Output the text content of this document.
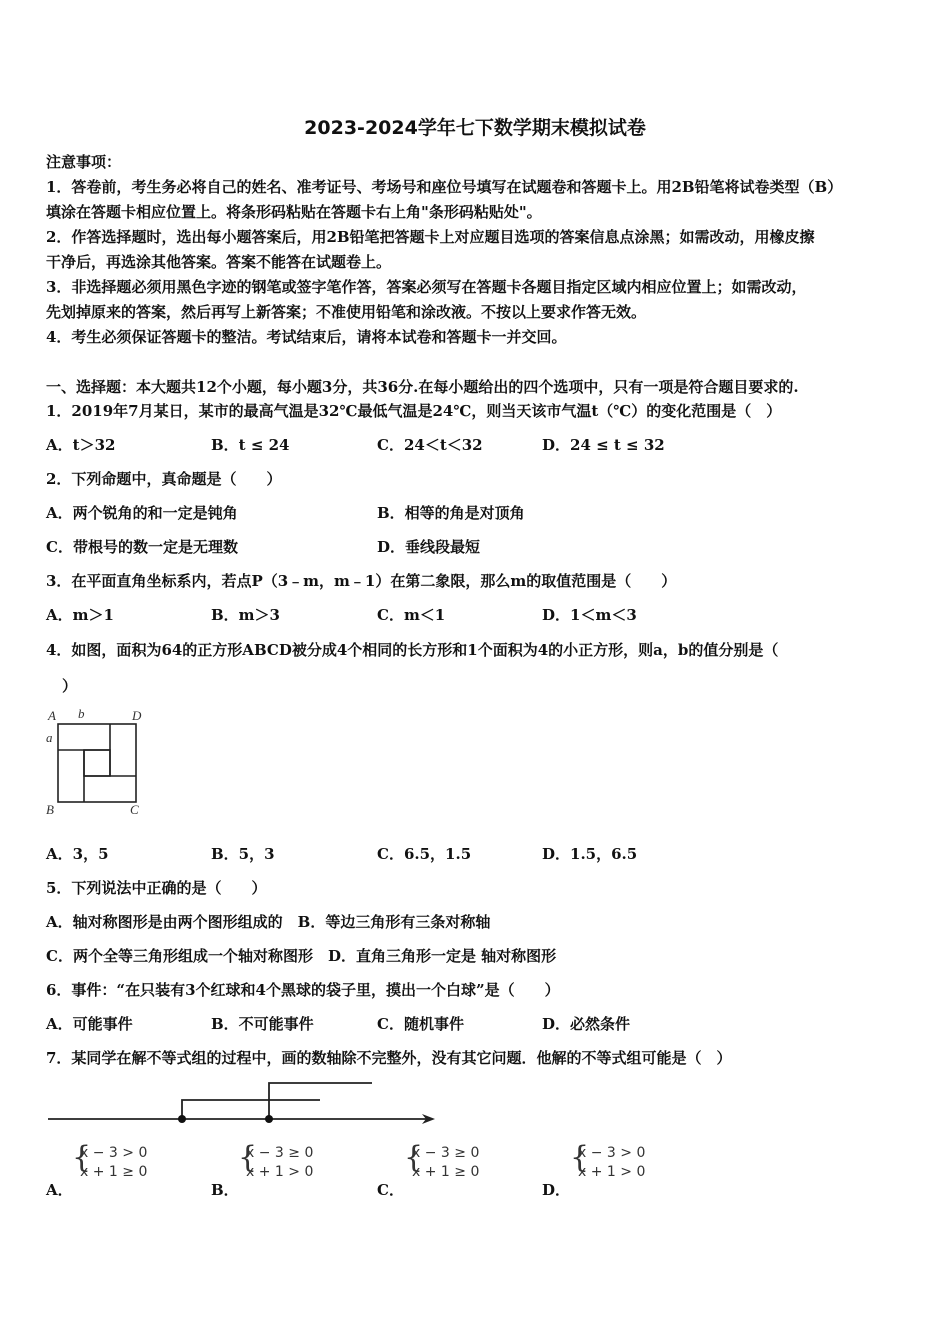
2023-2024学年七下数学期末模拟试卷
注意事项：
1．答卷前，考生务必将自己的姓名、准考证号、考场号和座位号填写在试题卷和答题卡上。用2B铅笔将试卷类型（B）
填涂在答题卡相应位置上。将条形码粘贴在答题卡右上角"条形码粘贴处"。
2．作答选择题时，选出每小题答案后，用2B铅笔把答题卡上对应题目选项的答案信息点涂黑；如需改动，用橡皮擦
干净后，再选涂其他答案。答案不能答在试题卷上。
3．非选择题必须用黑色字迹的钢笔或签字笔作答，答案必须写在答题卡各题目指定区域内相应位置上；如需改动，
先划掉原来的答案，然后再写上新答案；不准使用铅笔和涂改液。不按以上要求作答无效。
4．考生必须保证答题卡的整洁。考试结束后，请将本试卷和答题卡一并交回。
一、选择题：本大题共12个小题，每小题3分，共36分.在每小题给出的四个选项中，只有一项是符合题目要求的.
1．2019年7月某日，某市的最高气温是32℃最低气温是24℃，则当天该市气温t（℃）的变化范围是（　）
A．t＞32	B．t ≤ 24	C．24＜t＜32	D．24 ≤ t ≤ 32
2．下列命题中，真命题是（　　）
A．两个锐角的和一定是钝角	B．相等的角是对顶角
C．带根号的数一定是无理数	D．垂线段最短
3．在平面直角坐标系内，若点P（3﹣m，m﹣1）在第二象限，那么m的取值范围是（　　）
A．m＞1	B．m＞3	C．m＜1	D．1＜m＜3
4．如图，面积为64的正方形ABCD被分成4个相同的长方形和1个面积为4的小正方形，则a，b的值分别是（
）
A b	D
a
B	C
A．3，5	B．5，3	C．6.5，1.5	D．1.5，6.5
5．下列说法中正确的是（　　）
A．轴对称图形是由两个图形组成的　B．等边三角形有三条对称轴
C．两个全等三角形组成一个轴对称图形　D．直角三角形一定是 轴对称图形
6．事件：“在只装有3个红球和4个黑球的袋子里，摸出一个白球”是（　　）
A．可能事件	B．不可能事件	C．随机事件	D．必然条件
7．某同学在解不等式组的过程中，画的数轴除不完整外，没有其它问题．他解的不等式组可能是（　）
A．
{
x − 3 > 0
x + 1 ≥ 0
B．
{
x − 3 ≥ 0
x + 1 > 0
C．
{
x − 3 ≥ 0
x + 1 ≥ 0
D．
{
x − 3 > 0
x + 1 > 0
